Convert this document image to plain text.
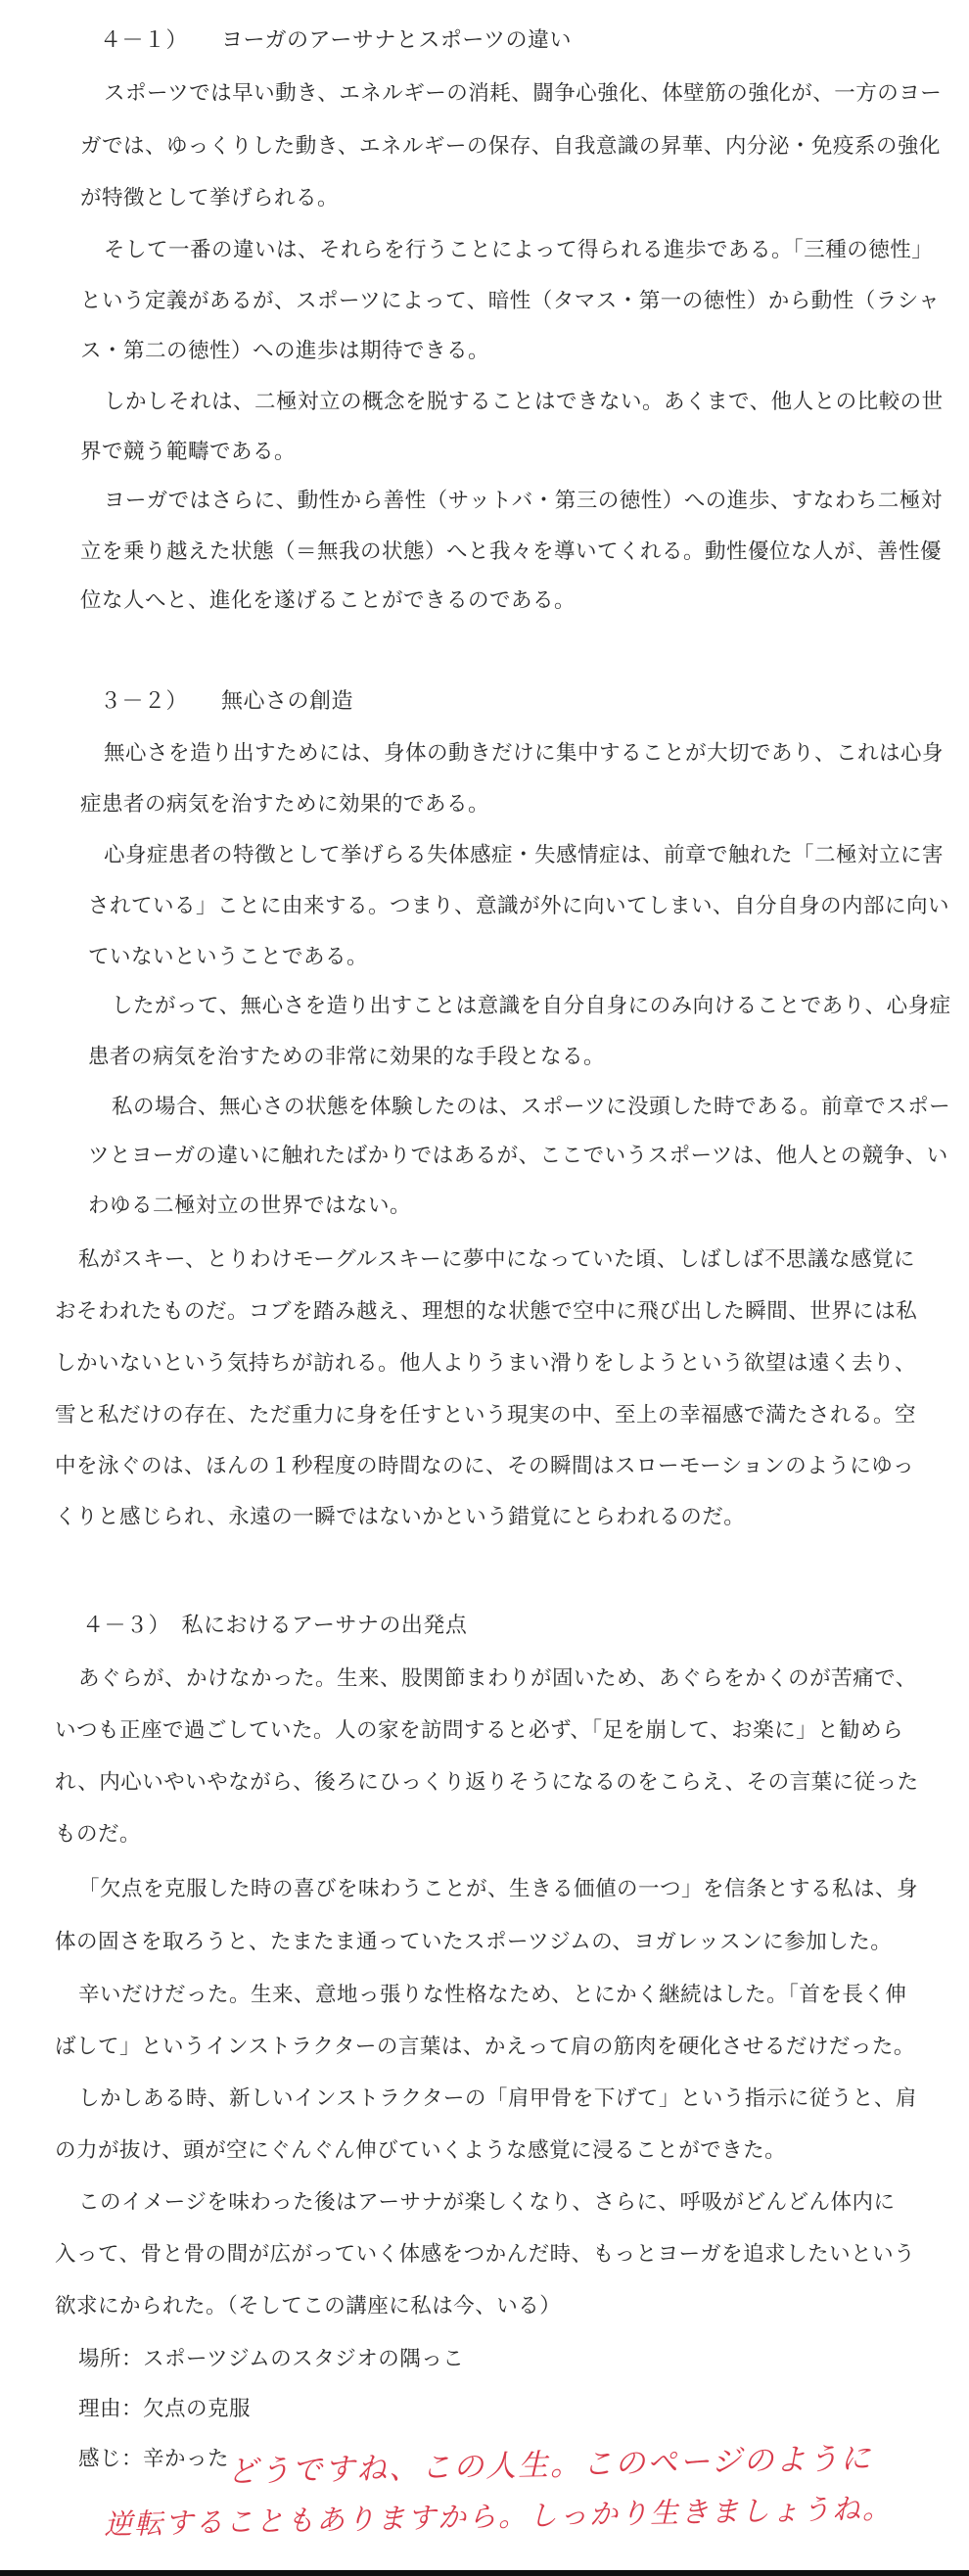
４－１）　　ヨーガのアーサナとスポーツの違い
スポーツでは早い動き、エネルギーの消耗、闘争心強化、体壁筋の強化が、一方のヨー
ガでは、ゆっくりした動き、エネルギーの保存、自我意識の昇華、内分泌・免疫系の強化
が特徴として挙げられる。
そして一番の違いは、それらを行うことによって得られる進歩である。「三種の徳性」
という定義があるが、スポーツによって、暗性（タマス・第一の徳性）から動性（ラシャ
ス・第二の徳性）への進歩は期待できる。
しかしそれは、二極対立の概念を脱することはできない。あくまで、他人との比較の世
界で競う範疇である。
ヨーガではさらに、動性から善性（サットバ・第三の徳性）への進歩、すなわち二極対
立を乗り越えた状態（＝無我の状態）へと我々を導いてくれる。動性優位な人が、善性優
位な人へと、進化を遂げることができるのである。
３－２）　　無心さの創造
無心さを造り出すためには、身体の動きだけに集中することが大切であり、これは心身
症患者の病気を治すために効果的である。
心身症患者の特徴として挙げらる失体感症・失感情症は、前章で触れた「二極対立に害
されている」ことに由来する。つまり、意識が外に向いてしまい、自分自身の内部に向い
ていないということである。
したがって、無心さを造り出すことは意識を自分自身にのみ向けることであり、心身症
患者の病気を治すための非常に効果的な手段となる。
私の場合、無心さの状態を体験したのは、スポーツに没頭した時である。前章でスポー
ツとヨーガの違いに触れたばかりではあるが、ここでいうスポーツは、他人との競争、い
わゆる二極対立の世界ではない。
私がスキー、とりわけモーグルスキーに夢中になっていた頃、しばしば不思議な感覚に
おそわれたものだ。コブを踏み越え、理想的な状態で空中に飛び出した瞬間、世界には私
しかいないという気持ちが訪れる。他人よりうまい滑りをしようという欲望は遠く去り、
雪と私だけの存在、ただ重力に身を任すという現実の中、至上の幸福感で満たされる。空
中を泳ぐのは、ほんの１秒程度の時間なのに、その瞬間はスローモーションのようにゆっ
くりと感じられ、永遠の一瞬ではないかという錯覚にとらわれるのだ。
４－３）　私におけるアーサナの出発点
あぐらが、かけなかった。生来、股関節まわりが固いため、あぐらをかくのが苦痛で、
いつも正座で過ごしていた。人の家を訪問すると必ず、「足を崩して、お楽に」と勧めら
れ、内心いやいやながら、後ろにひっくり返りそうになるのをこらえ、その言葉に従った
ものだ。
「欠点を克服した時の喜びを味わうことが、生きる価値の一つ」を信条とする私は、身
体の固さを取ろうと、たまたま通っていたスポーツジムの、ヨガレッスンに参加した。
辛いだけだった。生来、意地っ張りな性格なため、とにかく継続はした。「首を長く伸
ばして」というインストラクターの言葉は、かえって肩の筋肉を硬化させるだけだった。
しかしある時、新しいインストラクターの「肩甲骨を下げて」という指示に従うと、肩
の力が抜け、頭が空にぐんぐん伸びていくような感覚に浸ることができた。
このイメージを味わった後はアーサナが楽しくなり、さらに、呼吸がどんどん体内に
入って、骨と骨の間が広がっていく体感をつかんだ時、もっとヨーガを追求したいという
欲求にかられた。（そしてこの講座に私は今、いる）
場所：スポーツジムのスタジオの隅っこ
理由：欠点の克服
感じ：辛かった
どうですね、この人生。このページのように
逆転することもありますから。しっかり生きましょうね。
